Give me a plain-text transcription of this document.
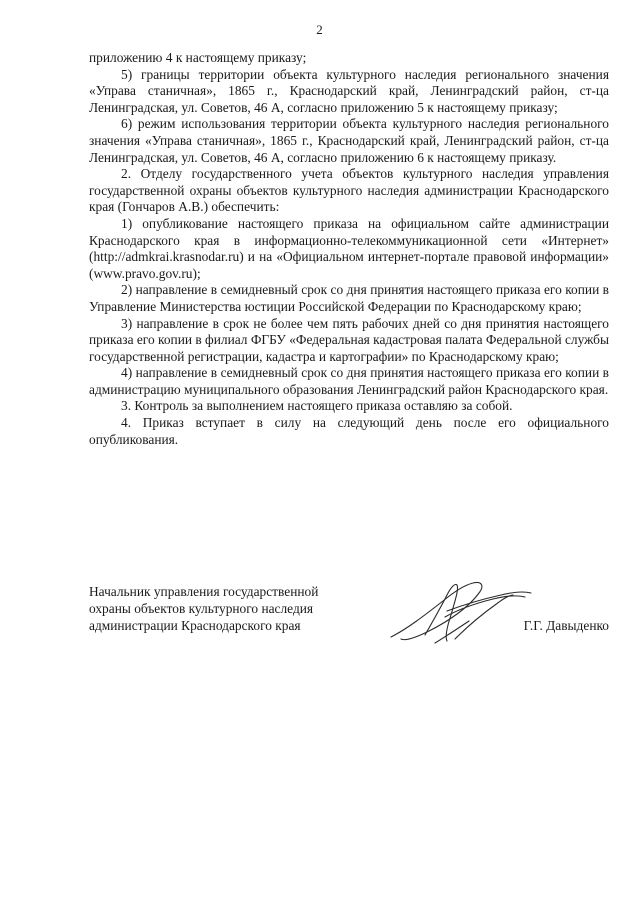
2

приложению 4 к настоящему приказу;

5) границы территории объекта культурного наследия регионального значения «Управа станичная», 1865 г., Краснодарский край, Ленинградский район, ст-ца Ленинградская, ул. Советов, 46 А, согласно приложению 5 к настоящему приказу;

6) режим использования территории объекта культурного наследия регионального значения «Управа станичная», 1865 г., Краснодарский край, Ленинградский район, ст-ца Ленинградская, ул. Советов, 46 А, согласно приложению 6 к настоящему приказу.

2. Отделу государственного учета объектов культурного наследия управления государственной охраны объектов культурного наследия администрации Краснодарского края (Гончаров А.В.) обеспечить:

1) опубликование настоящего приказа на официальном сайте администрации Краснодарского края в информационно-телекоммуникационной сети «Интернет» (http://admkrai.krasnodar.ru) и на «Официальном интернет-портале правовой информации» (www.pravo.gov.ru);

2) направление в семидневный срок со дня принятия настоящего приказа его копии в Управление Министерства юстиции Российской Федерации по Краснодарскому краю;

3) направление в срок не более чем пять рабочих дней со дня принятия настоящего приказа его копии в филиал ФГБУ «Федеральная кадастровая палата Федеральной службы государственной регистрации, кадастра и картографии» по Краснодарскому краю;

4) направление в семидневный срок со дня принятия настоящего приказа его копии в администрацию муниципального образования Ленинградский район Краснодарского края.

3. Контроль за выполнением настоящего приказа оставляю за собой.

4. Приказ вступает в силу на следующий день после его официального опубликования.

Начальник управления государственной
охраны объектов культурного наследия
администрации Краснодарского края	Г.Г. Давыденко
